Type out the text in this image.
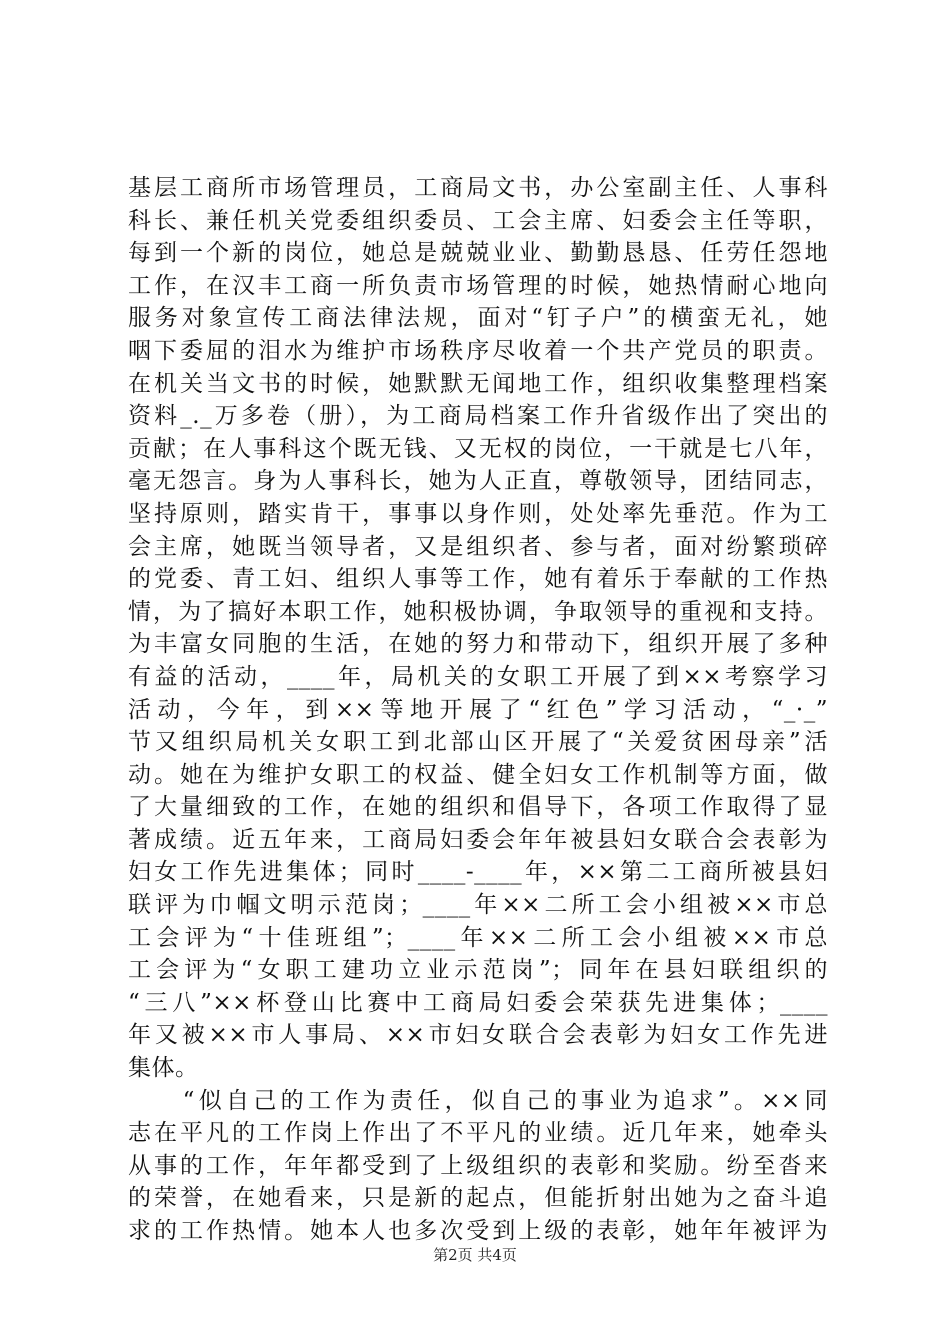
基层工商所市场管理员，工商局文书，办公室副主任、人事科
科长、兼任机关党委组织委员、工会主席、妇委会主任等职，
每到一个新的岗位，她总是兢兢业业、勤勤恳恳、任劳任怨地
工作，在汉丰工商一所负责市场管理的时候，她热情耐心地向
服务对象宣传工商法律法规，面对“钉子户”的横蛮无礼，她
咽下委屈的泪水为维护市场秩序尽收着一个共产党员的职责。
在机关当文书的时候，她默默无闻地工作，组织收集整理档案
资料_._万多卷（册），为工商局档案工作升省级作出了突出的
贡献；在人事科这个既无钱、又无权的岗位，一干就是七八年，
毫无怨言。身为人事科长，她为人正直，尊敬领导，团结同志，
坚持原则，踏实肯干，事事以身作则，处处率先垂范。作为工
会主席，她既当领导者，又是组织者、参与者，面对纷繁琐碎
的党委、青工妇、组织人事等工作，她有着乐于奉献的工作热
情，为了搞好本职工作，她积极协调，争取领导的重视和支持。
为丰富女同胞的生活，在她的努力和带动下，组织开展了多种
有益的活动，____年，局机关的女职工开展了到××考察学习
活动，今年，到××等地开展了“红色”学习活动，“_·_”
节又组织局机关女职工到北部山区开展了“关爱贫困母亲”活
动。她在为维护女职工的权益、健全妇女工作机制等方面，做
了大量细致的工作，在她的组织和倡导下，各项工作取得了显
著成绩。近五年来，工商局妇委会年年被县妇女联合会表彰为
妇女工作先进集体；同时____-____年，××第二工商所被县妇
联评为巾帼文明示范岗；____年××二所工会小组被××市总
工会评为“十佳班组”；____年××二所工会小组被××市总
工会评为“女职工建功立业示范岗”；同年在县妇联组织的
“三八”××杯登山比赛中工商局妇委会荣获先进集体；____
年又被××市人事局、××市妇女联合会表彰为妇女工作先进
集体。
　　“似自己的工作为责任，似自己的事业为追求”。××同
志在平凡的工作岗上作出了不平凡的业绩。近几年来，她牵头
从事的工作，年年都受到了上级组织的表彰和奖励。纷至沓来
的荣誉，在她看来，只是新的起点，但能折射出她为之奋斗追
求的工作热情。她本人也多次受到上级的表彰，她年年被评为
第2页 共4页
